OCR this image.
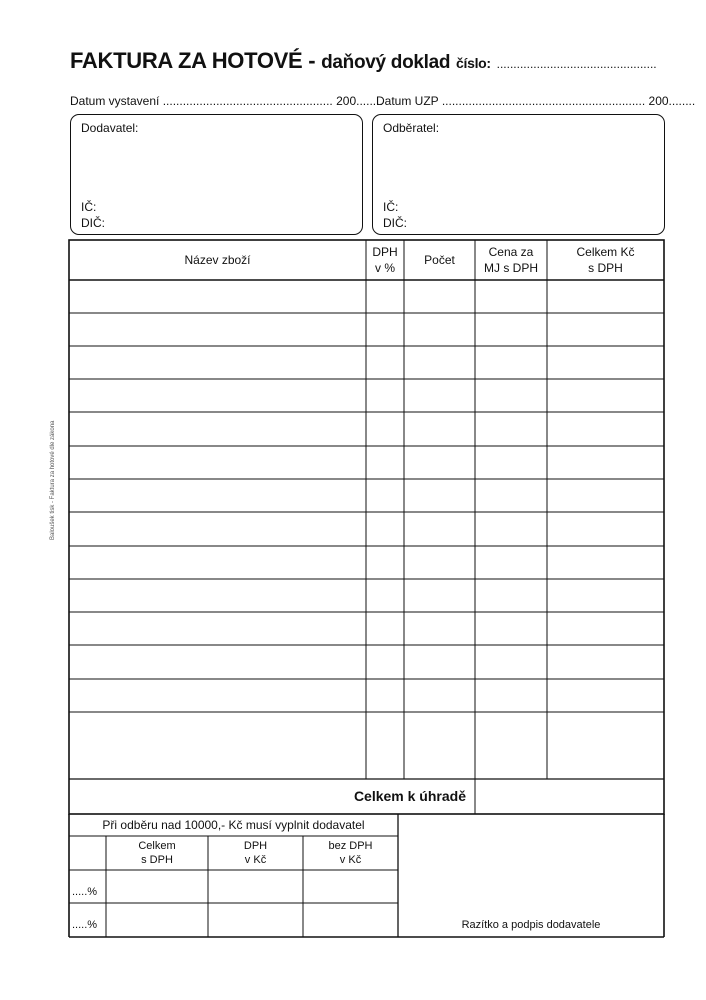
FAKTURA ZA HOTOVÉ - daňový doklad číslo: ................................................
Datum vystavení ................................................... 200........
Datum UZP ............................................................. 200........
Dodavatel:
IČ:
DIČ:
Odběratel:
IČ:
DIČ:
Název zboží
DPH
v %
Počet
Cena za
MJ s DPH
Celkem Kč
s DPH
Celkem k úhradě
Při odběru nad 10000,- Kč musí vyplnit dodavatel
Celkem
s DPH
DPH
v Kč
bez DPH
v Kč
.....%
.....%	Razítko a podpis dodavatele
Baloušek tisk - Faktura za hotové dle zákona
